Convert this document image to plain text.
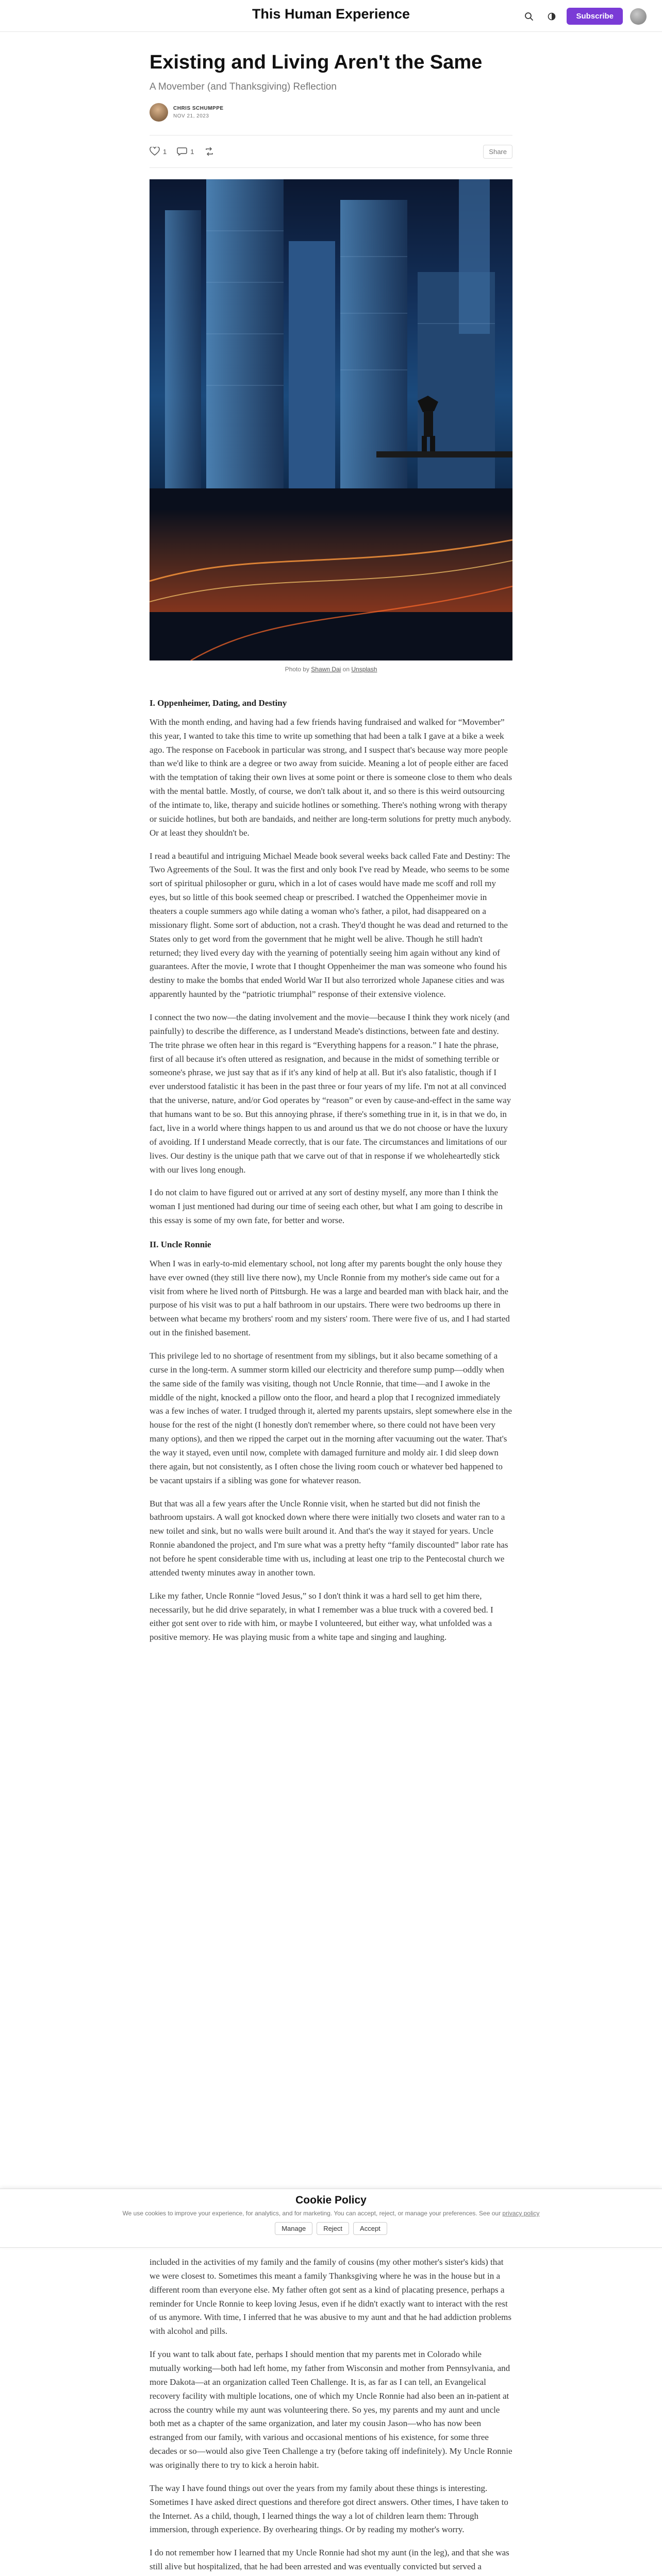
This Human Experience	Subscribe
Existing and Living Aren't the Same
A Movember (and Thanksgiving) Reflection
CHRIS SCHUMPPE
NOV 21, 2023
1	1	Share
Photo by Shawn Dai on Unsplash
I. Oppenheimer, Dating, and Destiny

With the month ending, and having had a few friends having fundraised and walked for “Movember” this year, I wanted to take this time to write up something that had been a talk I gave at a bike a week ago. The response on Facebook in particular was strong, and I suspect that's because way more people than we'd like to think are a degree or two away from suicide. Meaning a lot of people either are faced with the temptation of taking their own lives at some point or there is someone close to them who deals with the mental battle. Mostly, of course, we don't talk about it, and so there is this weird outsourcing of the intimate to, like, therapy and suicide hotlines or something. There's nothing wrong with therapy or suicide hotlines, but both are bandaids, and neither are long-term solutions for pretty much anybody. Or at least they shouldn't be.

I read a beautiful and intriguing Michael Meade book several weeks back called Fate and Destiny: The Two Agreements of the Soul. It was the first and only book I've read by Meade, who seems to be some sort of spiritual philosopher or guru, which in a lot of cases would have made me scoff and roll my eyes, but so little of this book seemed cheap or prescribed. I watched the Oppenheimer movie in theaters a couple summers ago while dating a woman who's father, a pilot, had disappeared on a missionary flight. Some sort of abduction, not a crash. They'd thought he was dead and returned to the States only to get word from the government that he might well be alive. Though he still hadn't returned; they lived every day with the yearning of potentially seeing him again without any kind of guarantees. After the movie, I wrote that I thought Oppenheimer the man was someone who found his destiny to make the bombs that ended World War II but also terrorized whole Japanese cities and was apparently haunted by the “patriotic triumphal” response of their extensive violence.

I connect the two now—the dating involvement and the movie—because I think they work nicely (and painfully) to describe the difference, as I understand Meade's distinctions, between fate and destiny. The trite phrase we often hear in this regard is “Everything happens for a reason.” I hate the phrase, first of all because it's often uttered as resignation, and because in the midst of something terrible or someone's phrase, we just say that as if it's any kind of help at all. But it's also fatalistic, though if I ever understood fatalistic it has been in the past three or four years of my life. I'm not at all convinced that the universe, nature, and/or God operates by “reason” or even by cause-and-effect in the same way that humans want to be so. But this annoying phrase, if there's something true in it, is in that we do, in fact, live in a world where things happen to us and around us that we do not choose or have the luxury of avoiding. If I understand Meade correctly, that is our fate. The circumstances and limitations of our lives. Our destiny is the unique path that we carve out of that in response if we wholeheartedly stick with our lives long enough.

I do not claim to have figured out or arrived at any sort of destiny myself, any more than I think the woman I just mentioned had during our time of seeing each other, but what I am going to describe in this essay is some of my own fate, for better and worse.

II. Uncle Ronnie

When I was in early-to-mid elementary school, not long after my parents bought the only house they have ever owned (they still live there now), my Uncle Ronnie from my mother's side came out for a visit from where he lived north of Pittsburgh. He was a large and bearded man with black hair, and the purpose of his visit was to put a half bathroom in our upstairs. There were two bedrooms up there in between what became my brothers' room and my sisters' room. There were five of us, and I had started out in the finished basement.

This privilege led to no shortage of resentment from my siblings, but it also became something of a curse in the long-term. A summer storm killed our electricity and therefore sump pump—oddly when the same side of the family was visiting, though not Uncle Ronnie, that time—and I awoke in the middle of the night, knocked a pillow onto the floor, and heard a plop that I recognized immediately was a few inches of water. I trudged through it, alerted my parents upstairs, slept somewhere else in the house for the rest of the night (I honestly don't remember where, so there could not have been very many options), and then we ripped the carpet out in the morning after vacuuming out the water. That's the way it stayed, even until now, complete with damaged furniture and moldy air. I did sleep down there again, but not consistently, as I often chose the living room couch or whatever bed happened to be vacant upstairs if a sibling was gone for whatever reason.

But that was all a few years after the Uncle Ronnie visit, when he started but did not finish the bathroom upstairs. A wall got knocked down where there were initially two closets and water ran to a new toilet and sink, but no walls were built around it. And that's the way it stayed for years. Uncle Ronnie abandoned the project, and I'm sure what was a pretty hefty “family discounted” labor rate has not before he spent considerable time with us, including at least one trip to the Pentecostal church we attended twenty minutes away in another town.

Like my father, Uncle Ronnie “loved Jesus,” so I don't think it was a hard sell to get him there, necessarily, but he did drive separately, in what I remember was a blue truck with a covered bed. I either got sent over to ride with him, or maybe I volunteered, but either way, what unfolded was a positive memory. He was playing music from a white tape and singing and laughing.

Cookie Policy

We use cookies to improve your experience, for analytics, and for marketing. You can accept, reject, or manage your preferences. See our privacy policy

Manage	Reject	Accept

included in the activities of my family and the family of cousins (my other mother's sister's kids) that we were closest to. Sometimes this meant a family Thanksgiving where he was in the house but in a different room than everyone else. My father often got sent as a kind of placating presence, perhaps a reminder for Uncle Ronnie to keep loving Jesus, even if he didn't exactly want to interact with the rest of us anymore. With time, I inferred that he was abusive to my aunt and that he had addiction problems with alcohol and pills.

If you want to talk about fate, perhaps I should mention that my parents met in Colorado while mutually working—both had left home, my father from Wisconsin and mother from Pennsylvania, and more Dakota—at an organization called Teen Challenge. It is, as far as I can tell, an Evangelical recovery facility with multiple locations, one of which my Uncle Ronnie had also been an in-patient at across the country while my aunt was volunteering there. So yes, my parents and my aunt and uncle both met as a chapter of the same organization, and later my cousin Jason—who has now been estranged from our family, with various and occasional mentions of his existence, for some three decades or so—would also give Teen Challenge a try (before taking off indefinitely). My Uncle Ronnie was originally there to try to kick a heroin habit.

The way I have found things out over the years from my family about these things is interesting. Sometimes I have asked direct questions and therefore got direct answers. Other times, I have taken to the Internet. As a child, though, I learned things the way a lot of children learn them: Through immersion, through experience. By overhearing things. Or by reading my mother's worry.

I do not remember how I learned that my Uncle Ronnie had shot my aunt (in the leg), and that she was still alive but hospitalized, that he had been arrested and was eventually convicted but served a
